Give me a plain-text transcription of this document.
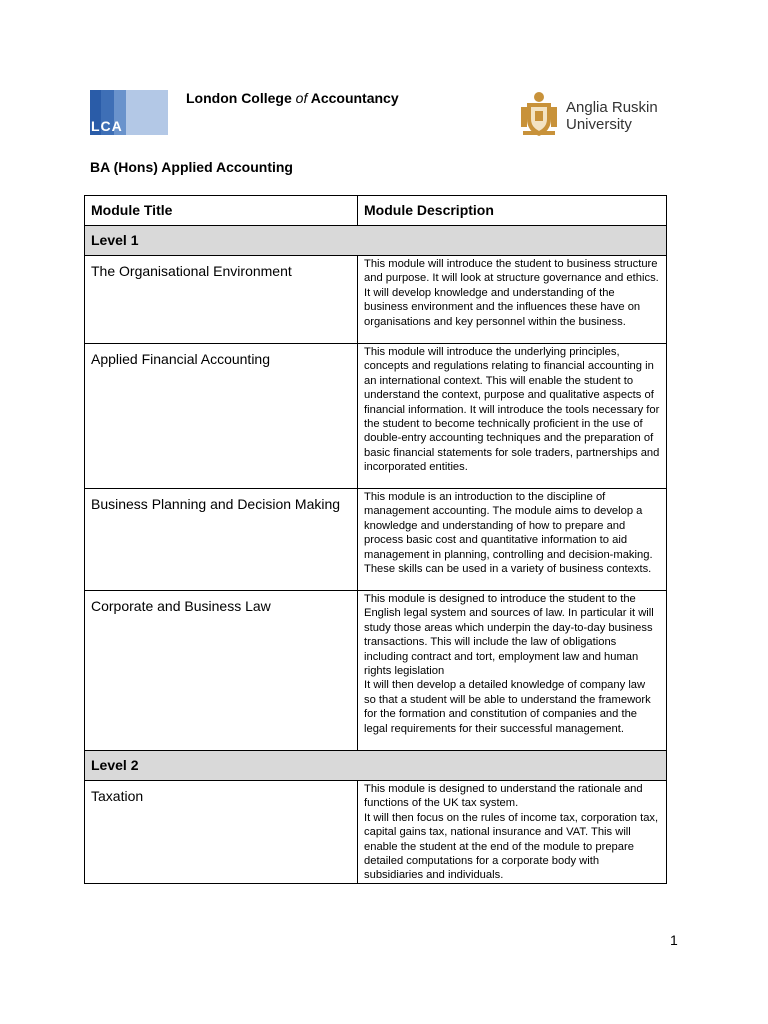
LCA
London College of Accountancy
Anglia Ruskin
University
BA (Hons) Applied Accounting
Module Title	Module Description
Level 1	
The Organisational Environment	This module will introduce the student to business structure and purpose. It will look at structure governance and ethics. It will develop knowledge and understanding of the business environment and the influences these have on organisations and key personnel within the business.
Applied Financial Accounting	This module will introduce the underlying principles, concepts and regulations relating to financial accounting in an international context. This will enable the student to understand the context, purpose and qualitative aspects of financial information. It will introduce the tools necessary for the student to become technically proficient in the use of double-entry accounting techniques and the preparation of basic financial statements for sole traders, partnerships and incorporated entities.
Business Planning and Decision Making	This module is an introduction to the discipline of management accounting. The module aims to develop a knowledge and understanding of how to prepare and process basic cost and quantitative information to aid management in planning, controlling and decision-making. These skills can be used in a variety of business contexts.
Corporate and Business Law	This module is designed to introduce the student to the English legal system and sources of law. In particular it will study those areas which underpin the day-to-day business transactions. This will include the law of obligations including contract and tort, employment law and human rights legislation
It will then develop a detailed knowledge of company law so that a student will be able to understand the framework for the formation and constitution of companies and the legal requirements for their successful management.

Level 2	
Taxation	This module is designed to understand the rationale and functions of the UK tax system.
It will then focus on the rules of income tax, corporation tax, capital gains tax, national insurance and VAT. This will enable the student at the end of the module to prepare detailed computations for a corporate body with subsidiaries and individuals.
1
